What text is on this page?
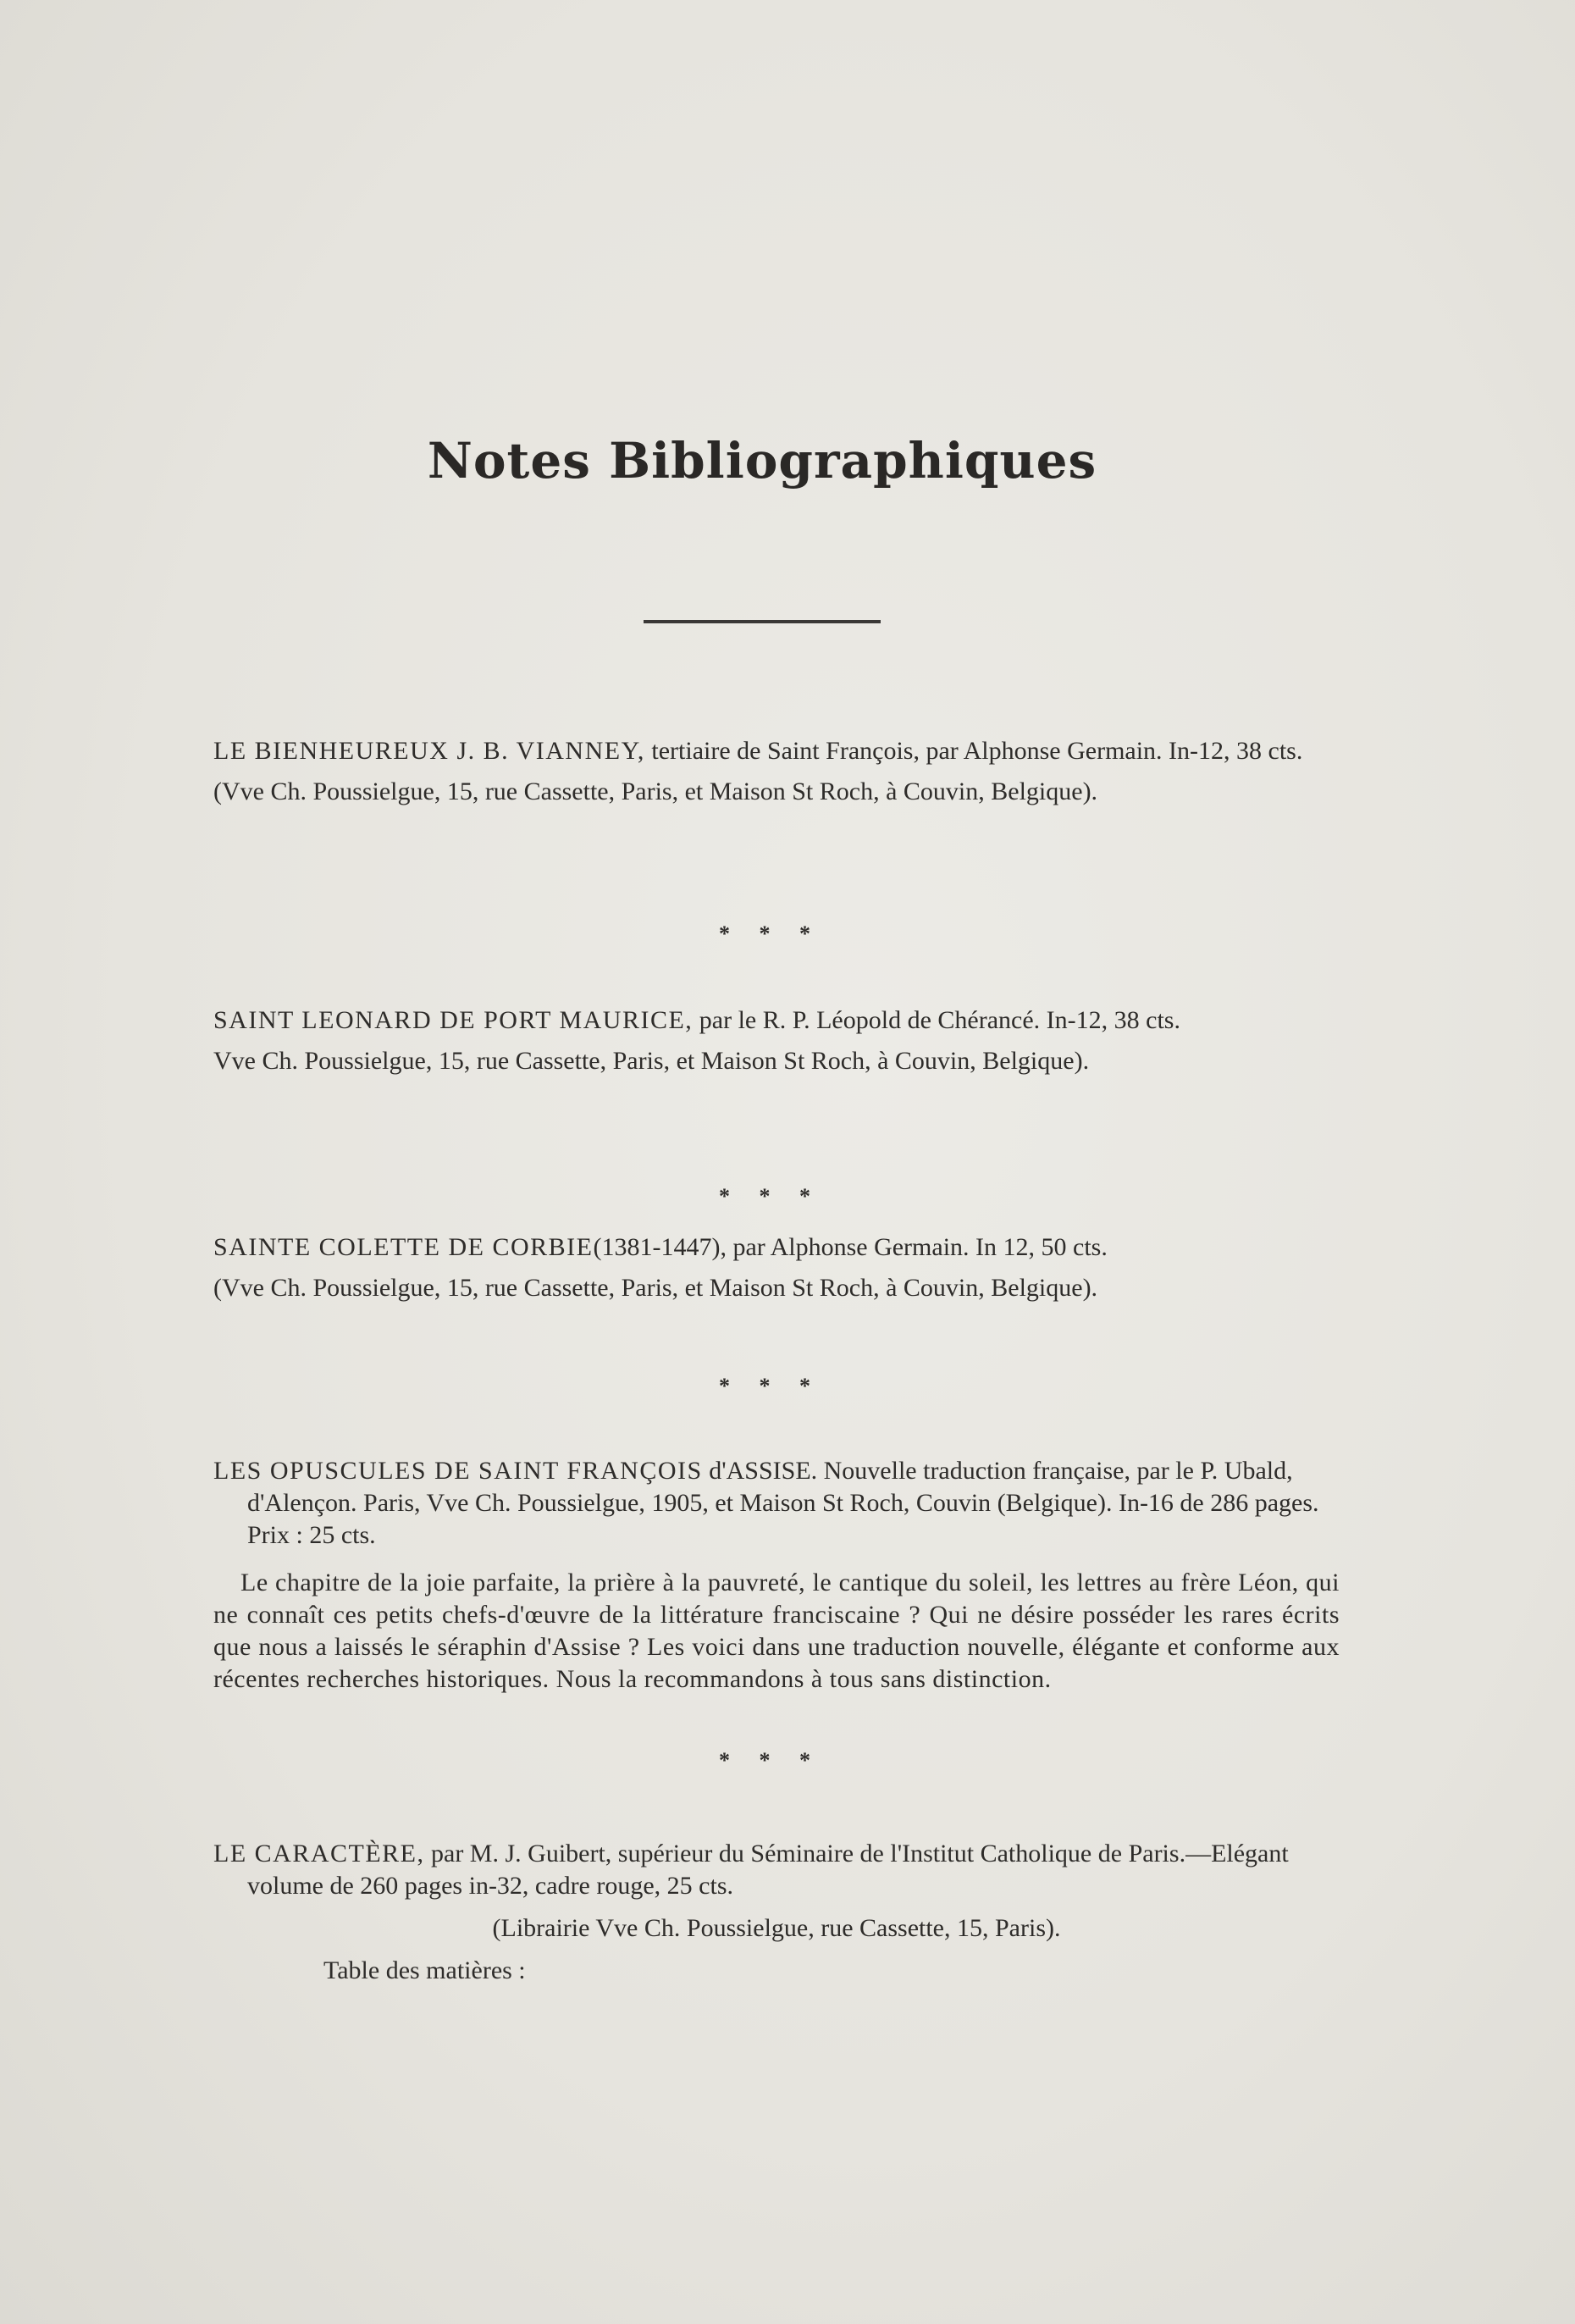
Notes Bibliographiques

LE BIENHEUREUX J. B. VIANNEY, tertiaire de Saint François, par Alphonse Germain. In-12, 38 cts.

(Vve Ch. Poussielgue, 15, rue Cassette, Paris, et Maison St Roch, à Couvin, Belgique).

* * *

SAINT LEONARD DE PORT MAURICE, par le R. P. Léopold de Chérancé. In-12, 38 cts.

Vve Ch. Poussielgue, 15, rue Cassette, Paris, et Maison St Roch, à Couvin, Belgique).

* * *

SAINTE COLETTE DE CORBIE(1381-1447), par Alphonse Germain. In 12, 50 cts.

(Vve Ch. Poussielgue, 15, rue Cassette, Paris, et Maison St Roch, à Couvin, Belgique).

* * *

LES OPUSCULES DE SAINT FRANÇOIS d'ASSISE. Nouvelle traduction française, par le P. Ubald, d'Alençon. Paris, Vve Ch. Poussielgue, 1905, et Maison St Roch, Couvin (Belgique). In-16 de 286 pages. Prix : 25 cts.

Le chapitre de la joie parfaite, la prière à la pauvreté, le cantique du soleil, les lettres au frère Léon, qui ne connaît ces petits chefs-d'œuvre de la littérature franciscaine ? Qui ne désire posséder les rares écrits que nous a laissés le séraphin d'Assise ? Les voici dans une traduction nouvelle, élégante et conforme aux récentes recherches historiques. Nous la recommandons à tous sans distinction.

* * *

LE CARACTÈRE, par M. J. Guibert, supérieur du Séminaire de l'Institut Catholique de Paris.—Elégant volume de 260 pages in-32, cadre rouge, 25 cts.

(Librairie Vve Ch. Poussielgue, rue Cassette, 15, Paris).

Table des matières :
